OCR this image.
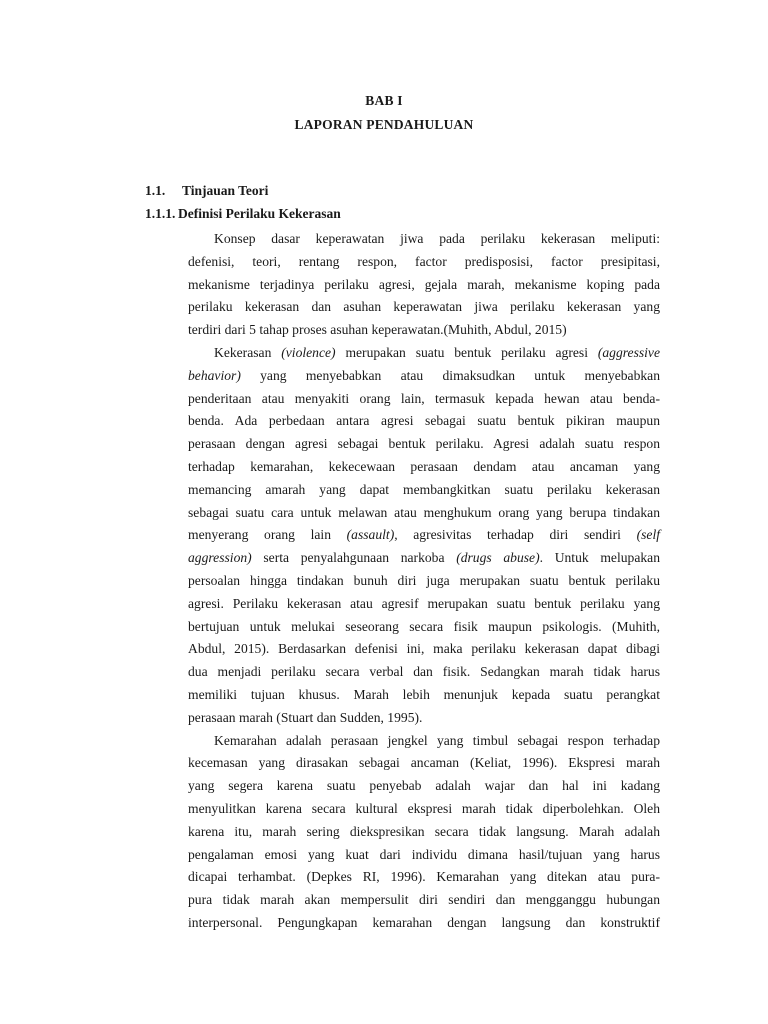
BAB I
LAPORAN PENDAHULUAN
1.1. Tinjauan Teori
1.1.1. Definisi Perilaku Kekerasan
Konsep dasar keperawatan jiwa pada perilaku kekerasan meliputi:
defenisi, teori, rentang respon, factor predisposisi, factor presipitasi,
mekanisme terjadinya perilaku agresi, gejala marah, mekanisme koping pada
perilaku kekerasan dan asuhan keperawatan jiwa perilaku kekerasan yang
terdiri dari 5 tahap proses asuhan keperawatan.(Muhith, Abdul, 2015)
Kekerasan (violence) merupakan suatu bentuk perilaku agresi (aggressive
behavior) yang menyebabkan atau dimaksudkan untuk menyebabkan
penderitaan atau menyakiti orang lain, termasuk kepada hewan atau benda-
benda. Ada perbedaan antara agresi sebagai suatu bentuk pikiran maupun
perasaan dengan agresi sebagai bentuk perilaku. Agresi adalah suatu respon
terhadap kemarahan, kekecewaan perasaan dendam atau ancaman yang
memancing amarah yang dapat membangkitkan suatu perilaku kekerasan
sebagai suatu cara untuk melawan atau menghukum orang yang berupa tindakan
menyerang orang lain (assault), agresivitas terhadap diri sendiri (self
aggression) serta penyalahgunaan narkoba (drugs abuse). Untuk melupakan
persoalan hingga tindakan bunuh diri juga merupakan suatu bentuk perilaku
agresi. Perilaku kekerasan atau agresif merupakan suatu bentuk perilaku yang
bertujuan untuk melukai seseorang secara fisik maupun psikologis. (Muhith,
Abdul, 2015). Berdasarkan defenisi ini, maka perilaku kekerasan dapat dibagi
dua menjadi perilaku secara verbal dan fisik. Sedangkan marah tidak harus
memiliki tujuan khusus. Marah lebih menunjuk kepada suatu perangkat
perasaan marah (Stuart dan Sudden, 1995).
Kemarahan adalah perasaan jengkel yang timbul sebagai respon terhadap
kecemasan yang dirasakan sebagai ancaman (Keliat, 1996). Ekspresi marah
yang segera karena suatu penyebab adalah wajar dan hal ini kadang
menyulitkan karena secara kultural ekspresi marah tidak diperbolehkan. Oleh
karena itu, marah sering diekspresikan secara tidak langsung. Marah adalah
pengalaman emosi yang kuat dari individu dimana hasil/tujuan yang harus
dicapai terhambat. (Depkes RI, 1996). Kemarahan yang ditekan atau pura-
pura tidak marah akan mempersulit diri sendiri dan mengganggu hubungan
interpersonal. Pengungkapan kemarahan dengan langsung dan konstruktif
